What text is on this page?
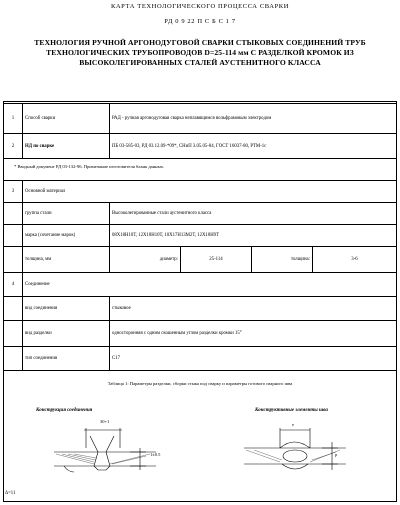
КАРТА ТЕХНОЛОГИЧЕСКОГО ПРОЦЕССА СВАРКИ
РД 0 9 22 П С Б С 1 7
ТЕХНОЛОГИЯ РУЧНОЙ АРГОНОДУГОВОЙ СВАРКИ СТЫКОВЫХ СОЕДИНЕНИЙ ТРУБ
ТЕХНОЛОГИЧЕСКИХ ТРУБОПРОВОДОВ D=25-114 мм С РАЗДЕЛКОЙ КРОМОК ИЗ
ВЫСОКОЛЕГИРОВАННЫХ СТАЛЕЙ АУСТЕНИТНОГО КЛАССА
1	Способ сварки	РАД - ручная аргонодуговая сварка неплавящимся вольфрамовым электродом			
2	НД по сварке	ПБ 03-585-03, РД 03.12.09-*09*, СНиП 3.05.05-84, ГОСТ 16037-80, РТМ-1с			

3	Основной материал				
	группа стали	Высоколегированные стали аустенитного класса			
	марка (сочетание марок)	08Х18Н10Т, 12Х18Н10Т, 10Х17Н13М2Т, 12Х18Н9Т			
	толщина, мм	диаметр:	25-114	толщина:	3-6
4	Соединение				
	вид соединения	стыковое			
	вид разделки	односторонняя с одним скошенным углом разделки кромки 15°			
	тип соединения	С17			
* Вводный документ РД 03-132-96. Примечание изготовителя бланк данных.
Таблица 1: Параметры разделки, сборки стыка под сварку и параметры готового сварного шва
Конструкция соединения	Конструктивные элементы шва
30+1
1±0.5
e
p
Δ=11
